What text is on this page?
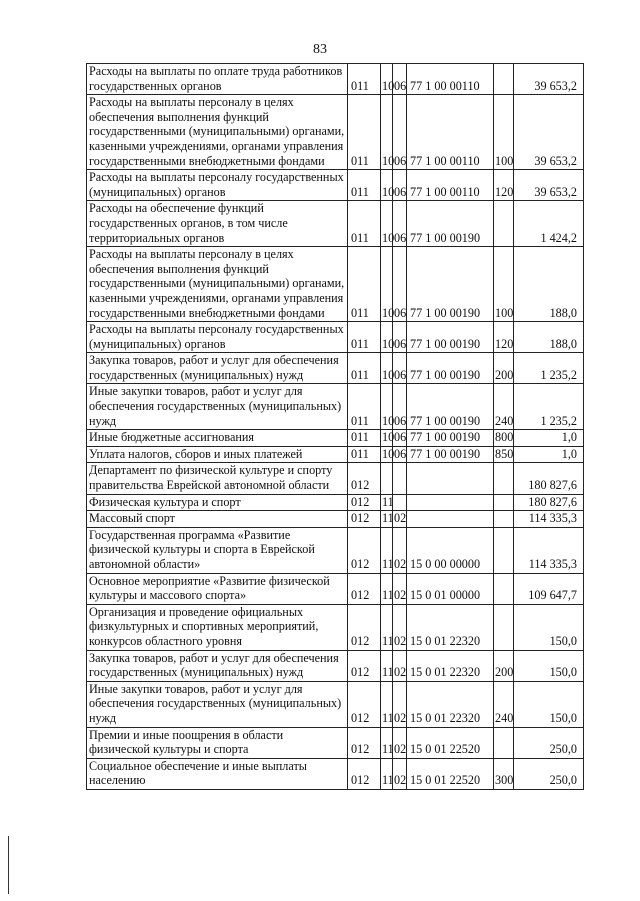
83
Расходы на выплаты по оплате труда работников государственных органов	011	10	06	77 1 00 00110		39 653,2
Расходы на выплаты персоналу в целях обеспечения выполнения функций государственными (муниципальными) органами, казенными учреждениями, органами управления государственными внебюджетными фондами	011	10	06	77 1 00 00110	100	39 653,2
Расходы на выплаты персоналу государственных (муниципальных) органов	011	10	06	77 1 00 00110	120	39 653,2
Расходы на обеспечение функций государственных органов, в том числе территориальных органов	011	10	06	77 1 00 00190		1 424,2
Расходы на выплаты персоналу в целях обеспечения выполнения функций государственными (муниципальными) органами, казенными учреждениями, органами управления государственными внебюджетными фондами	011	10	06	77 1 00 00190	100	188,0
Расходы на выплаты персоналу государственных (муниципальных) органов	011	10	06	77 1 00 00190	120	188,0
Закупка товаров, работ и услуг для обеспечения государственных (муниципальных) нужд	011	10	06	77 1 00 00190	200	1 235,2
Иные закупки товаров, работ и услуг для обеспечения государственных (муниципальных) нужд	011	10	06	77 1 00 00190	240	1 235,2
Иные бюджетные ассигнования	011	10	06	77 1 00 00190	800	1,0
Уплата налогов, сборов и иных платежей	011	10	06	77 1 00 00190	850	1,0
Департамент по физической культуре и спорту правительства Еврейской автономной области	012					180 827,6
Физическая культура и спорт	012	11				180 827,6
Массовый спорт	012	11	02			114 335,3
Государственная программа «Развитие физической культуры и спорта в Еврейской автономной области»	012	11	02	15 0 00 00000		114 335,3
Основное мероприятие «Развитие физической культуры и массового спорта»	012	11	02	15 0 01 00000		109 647,7
Организация и проведение официальных физкультурных и спортивных мероприятий, конкурсов областного уровня	012	11	02	15 0 01 22320		150,0
Закупка товаров, работ и услуг для обеспечения государственных (муниципальных) нужд	012	11	02	15 0 01 22320	200	150,0
Иные закупки товаров, работ и услуг для обеспечения государственных (муниципальных) нужд	012	11	02	15 0 01 22320	240	150,0
Премии и иные поощрения в области физической культуры и спорта	012	11	02	15 0 01 22520		250,0
Социальное обеспечение и иные выплаты населению	012	11	02	15 0 01 22520	300	250,0
